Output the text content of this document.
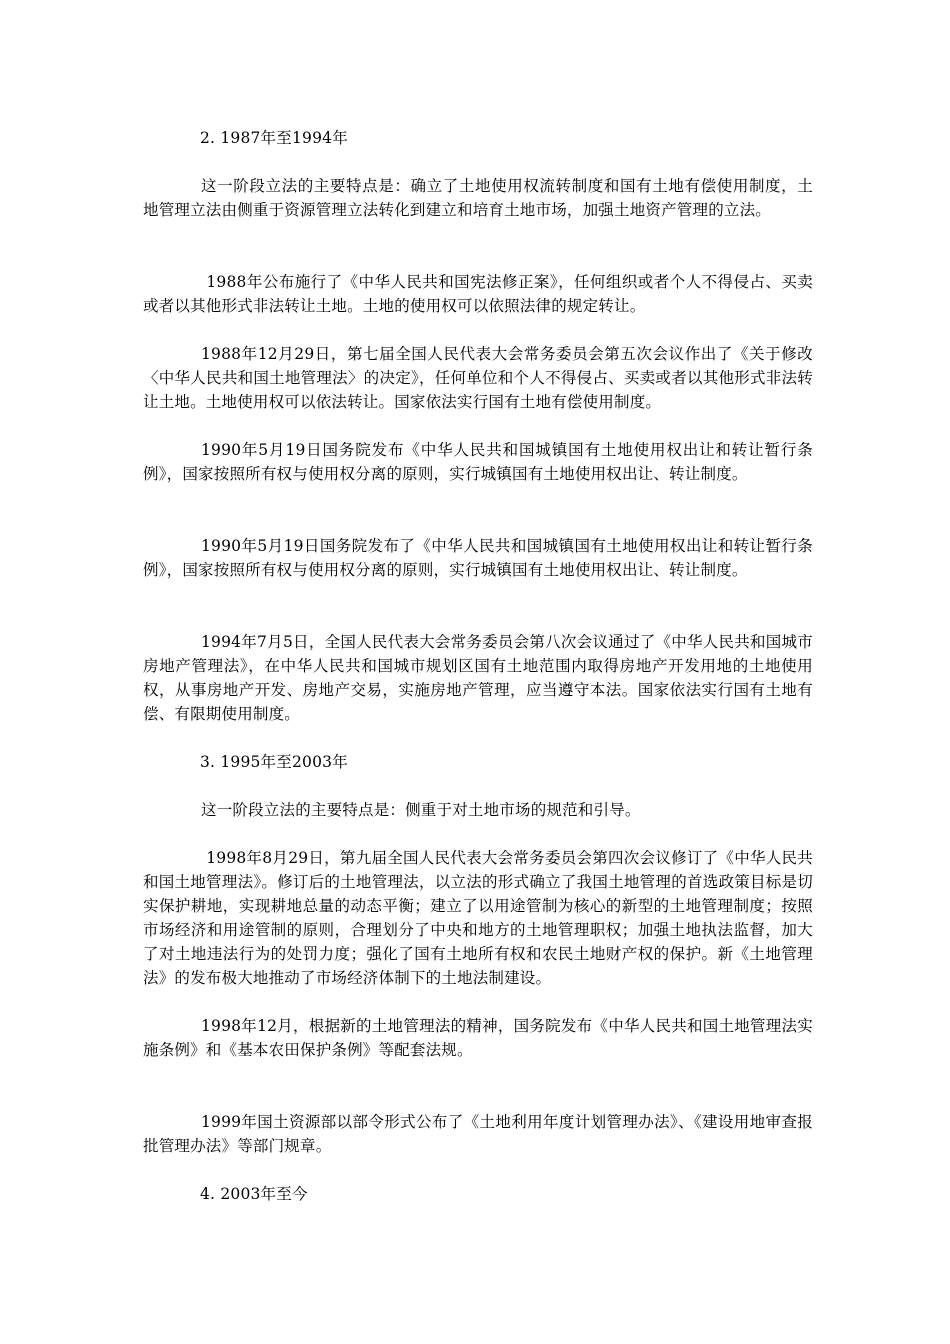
2. 1987年至1994年

这一阶段立法的主要特点是：确立了土地使用权流转制度和国有土地有偿使用制度，土地管理立法由侧重于资源管理立法转化到建立和培育土地市场，加强土地资产管理的立法。

1988年公布施行了《中华人民共和国宪法修正案》，任何组织或者个人不得侵占、买卖或者以其他形式非法转让土地。土地的使用权可以依照法律的规定转让。

1988年12月29日，第七届全国人民代表大会常务委员会第五次会议作出了《关于修改〈中华人民共和国土地管理法〉的决定》，任何单位和个人不得侵占、买卖或者以其他形式非法转让土地。土地使用权可以依法转让。国家依法实行国有土地有偿使用制度。

1990年5月19日国务院发布《中华人民共和国城镇国有土地使用权出让和转让暂行条例》，国家按照所有权与使用权分离的原则，实行城镇国有土地使用权出让、转让制度。

1990年5月19日国务院发布了《中华人民共和国城镇国有土地使用权出让和转让暂行条例》，国家按照所有权与使用权分离的原则，实行城镇国有土地使用权出让、转让制度。

1994年7月5日，全国人民代表大会常务委员会第八次会议通过了《中华人民共和国城市房地产管理法》，在中华人民共和国城市规划区国有土地范围内取得房地产开发用地的土地使用权，从事房地产开发、房地产交易，实施房地产管理，应当遵守本法。国家依法实行国有土地有偿、有限期使用制度。

3. 1995年至2003年

这一阶段立法的主要特点是：侧重于对土地市场的规范和引导。

1998年8月29日，第九届全国人民代表大会常务委员会第四次会议修订了《中华人民共和国土地管理法》。修订后的土地管理法，以立法的形式确立了我国土地管理的首选政策目标是切实保护耕地，实现耕地总量的动态平衡；建立了以用途管制为核心的新型的土地管理制度；按照市场经济和用途管制的原则，合理划分了中央和地方的土地管理职权；加强土地执法监督，加大了对土地违法行为的处罚力度；强化了国有土地所有权和农民土地财产权的保护。新《土地管理法》的发布极大地推动了市场经济体制下的土地法制建设。

1998年12月，根据新的土地管理法的精神，国务院发布《中华人民共和国土地管理法实施条例》和《基本农田保护条例》等配套法规。

1999年国土资源部以部令形式公布了《土地利用年度计划管理办法》、《建设用地审查报批管理办法》等部门规章。

4. 2003年至今
